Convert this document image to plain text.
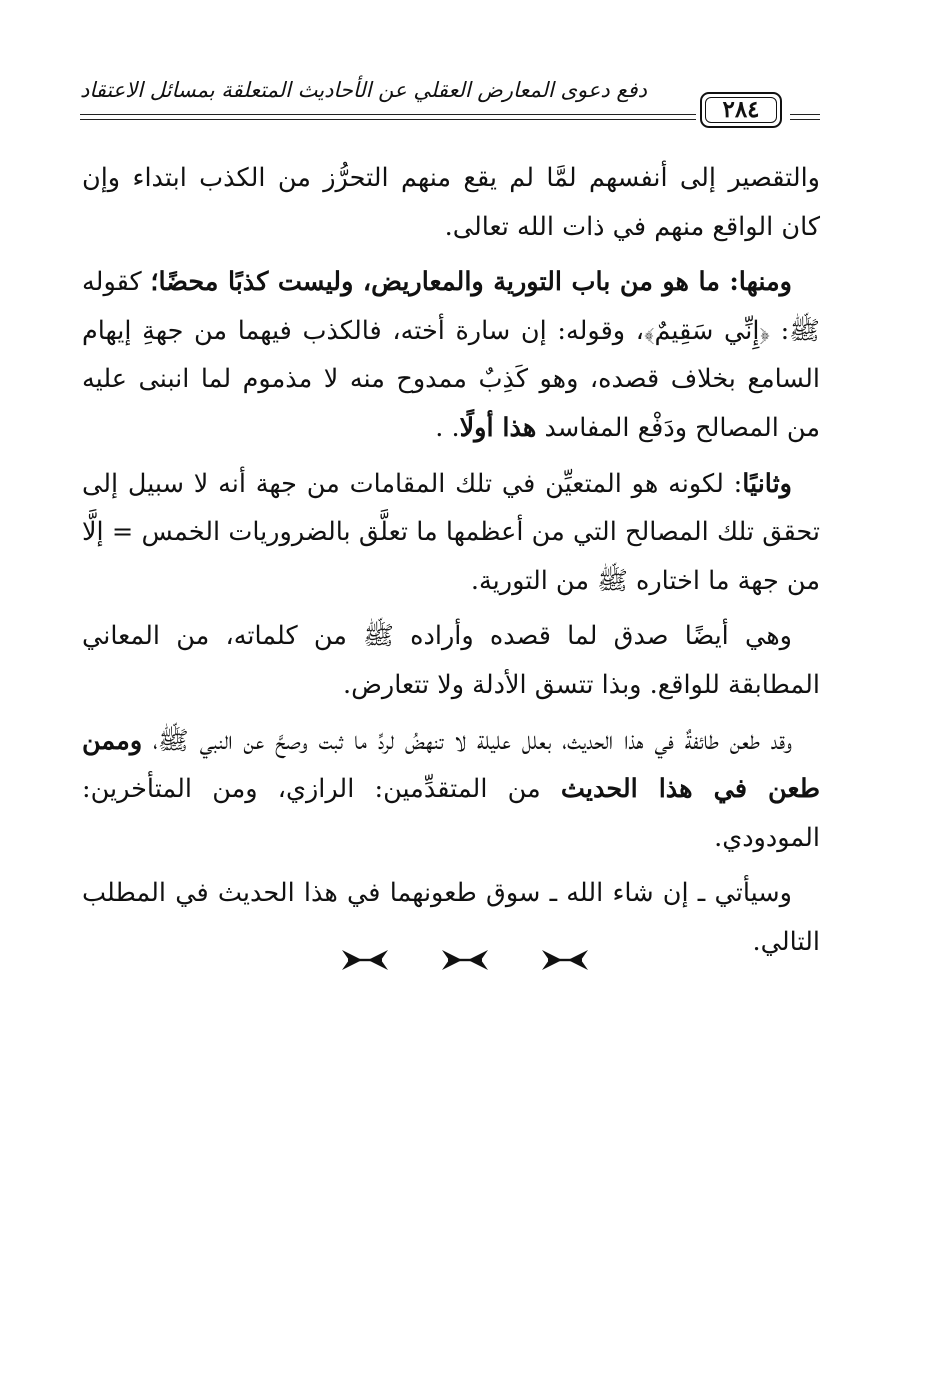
دفع دعوى المعارض العقلي عن الأحاديث المتعلقة بمسائل الاعتقاد
٢٨٤

والتقصير إلى أنفسهم لمَّا لم يقع منهم التحرُّز من الكذب ابتداء وإن كان الواقع منهم في ذات الله تعالى.

ومنها: ما هو من باب التورية والمعاريض، وليست كذبًا محضًا؛ كقوله ﷺ: ﴿إِنِّي سَقِيمٌ﴾، وقوله: إن سارة أخته، فالكذب فيهما من جهةِ إيهام السامع بخلاف قصده، وهو كَذِبٌ ممدوح منه لا مذموم لما انبنى عليه من المصالح ودَفْع المفاسد هذا أولًا. .

وثانيًا: لكونه هو المتعيِّن في تلك المقامات من جهة أنه لا سبيل إلى تحقق تلك المصالح التي من أعظمها ما تعلَّق بالضروريات الخمس = إلَّا من جهة ما اختاره ﷺ من التورية.

وهي أيضًا صدق لما قصده وأراده ﷺ من كلماته، من المعاني المطابقة للواقع. وبذا تتسق الأدلة ولا تتعارض.

وقد طعن طائفةٌ في هذا الحديث، بعلل عليلة لا تنهضُ لردِّ ما ثبت وصحَّ عن النبي ﷺ، وممن طعن في هذا الحديث من المتقدِّمين: الرازي، ومن المتأخرين: المودودي.

وسيأتي ـ إن شاء الله ـ سوق طعونهما في هذا الحديث في المطلب التالي.
